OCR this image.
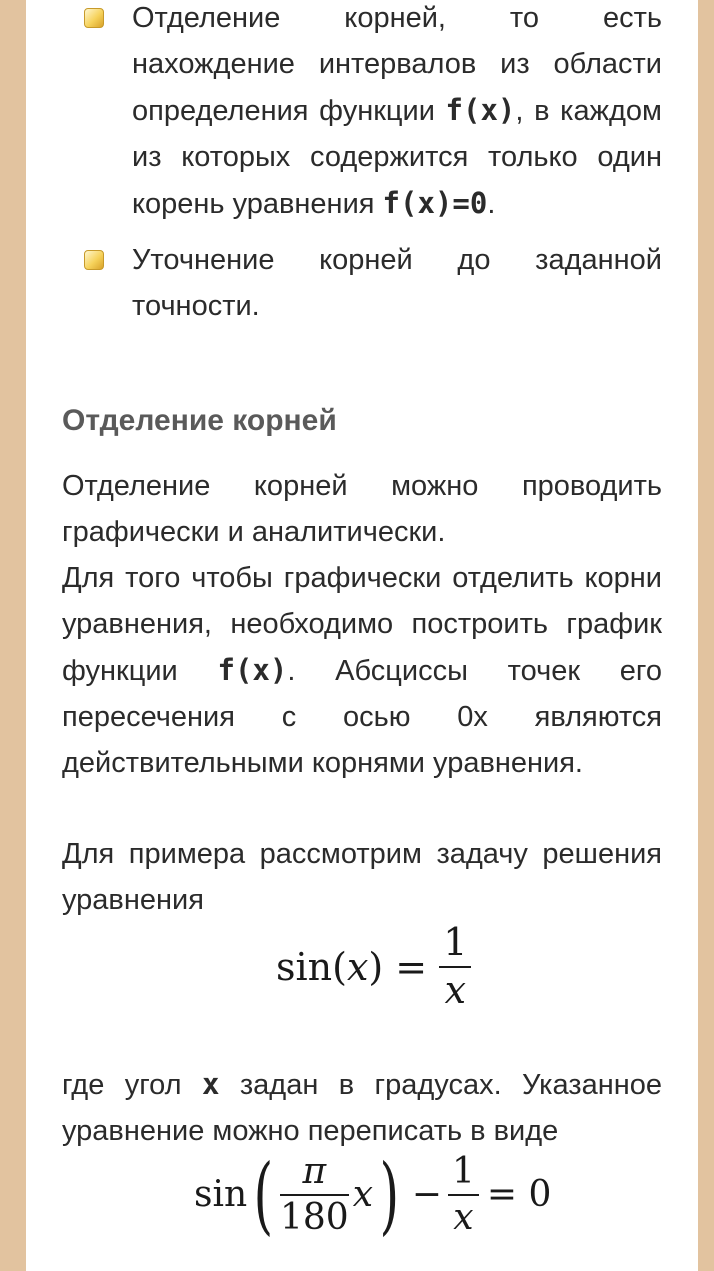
Отделение корней, то есть нахождение интервалов из области определения функции f(x), в каждом из которых содержится только один корень уравнения f(x)=0.
Уточнение корней до заданной точности.
Отделение корней

Отделение корней можно проводить графически и аналитически.

Для того чтобы графически отделить корни уравнения, необходимо построить график функции f(x). Абсциссы точек его пересечения с осью 0x являются действительными корнями уравнения.

Для примера рассмотрим задачу решения уравнения

$\sin(x) = \frac{1}{x}$

где угол x задан в градусах. Указанное уравнение можно переписать в виде

$\sin( \frac{\pi}{180} x) - \frac{1}{x} = 0$
